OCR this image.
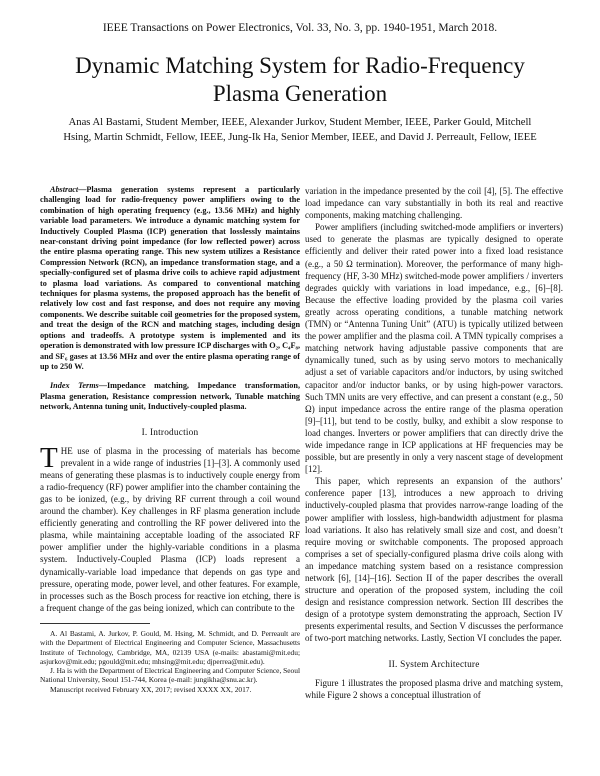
IEEE Transactions on Power Electronics, Vol. 33, No. 3, pp. 1940-1951, March 2018.
Dynamic Matching System for Radio-Frequency
Plasma Generation
Anas Al Bastami, Student Member, IEEE, Alexander Jurkov, Student Member, IEEE, Parker Gould, Mitchell
Hsing, Martin Schmidt, Fellow, IEEE, Jung-Ik Ha, Senior Member, IEEE, and David J. Perreault, Fellow, IEEE

Abstract—Plasma generation systems represent a particularly challenging load for radio-frequency power amplifiers owing to the combination of high operating frequency (e.g., 13.56 MHz) and highly variable load parameters. We introduce a dynamic matching system for Inductively Coupled Plasma (ICP) generation that losslessly maintains near-constant driving point impedance (for low reflected power) across the entire plasma operating range. This new system utilizes a Resistance Compression Network (RCN), an impedance transformation stage, and a specially-configured set of plasma drive coils to achieve rapid adjustment to plasma load variations. As compared to conventional matching techniques for plasma systems, the proposed approach has the benefit of relatively low cost and fast response, and does not require any moving components. We describe suitable coil geometries for the proposed system, and treat the design of the RCN and matching stages, including design options and tradeoffs. A prototype system is implemented and its operation is demonstrated with low pressure ICP discharges with O₂, C₄F₈, and SF₆ gases at 13.56 MHz and over the entire plasma operating range of up to 250 W.

Index Terms—Impedance matching, Impedance transformation, Plasma generation, Resistance compression network, Tunable matching network, Antenna tuning unit, Inductively-coupled plasma.

I. Introduction

THE use of plasma in the processing of materials has become prevalent in a wide range of industries [1]–[3]. A commonly used means of generating these plasmas is to inductively couple energy from a radio-frequency (RF) power amplifier into the chamber containing the gas to be ionized, (e.g., by driving RF current through a coil wound around the chamber). Key challenges in RF plasma generation include efficiently generating and controlling the RF power delivered into the plasma, while maintaining acceptable loading of the associated RF power amplifier under the highly-variable conditions in a plasma system. Inductively-Coupled Plasma (ICP) loads represent a dynamically-variable load impedance that depends on gas type and pressure, operating mode, power level, and other features. For example, in processes such as the Bosch process for reactive ion etching, there is a frequent change of the gas being ionized, which can contribute to the

A. Al Bastami, A. Jurkov, P. Gould, M. Hsing, M. Schmidt, and D. Perreault are with the Department of Electrical Engineering and Computer Science, Massachusetts Institute of Technology, Cambridge, MA, 02139 USA (e-mails: abastami@mit.edu; asjurkov@mit.edu; pgould@mit.edu; mhsing@mit.edu; djperrea@mit.edu).

J. Ha is with the Department of Electrical Engineering and Computer Science, Seoul National University, Seoul 151-744, Korea (e-mail: jungikha@snu.ac.kr).

Manuscript received February XX, 2017; revised XXXX XX, 2017.

variation in the impedance presented by the coil [4], [5]. The effective load impedance can vary substantially in both its real and reactive components, making matching challenging.

Power amplifiers (including switched-mode amplifiers or inverters) used to generate the plasmas are typically designed to operate efficiently and deliver their rated power into a fixed load resistance (e.g., a 50 Ω termination). Moreover, the performance of many high-frequency (HF, 3-30 MHz) switched-mode power amplifiers / inverters degrades quickly with variations in load impedance, e.g., [6]–[8]. Because the effective loading provided by the plasma coil varies greatly across operating conditions, a tunable matching network (TMN) or “Antenna Tuning Unit” (ATU) is typically utilized between the power amplifier and the plasma coil. A TMN typically comprises a matching network having adjustable passive components that are dynamically tuned, such as by using servo motors to mechanically adjust a set of variable capacitors and/or inductors, by using switched capacitor and/or inductor banks, or by using high-power varactors. Such TMN units are very effective, and can present a constant (e.g., 50 Ω) input impedance across the entire range of the plasma operation [9]–[11], but tend to be costly, bulky, and exhibit a slow response to load changes. Inverters or power amplifiers that can directly drive the wide impedance range in ICP applications at HF frequencies may be possible, but are presently in only a very nascent stage of development [12].

This paper, which represents an expansion of the authors’ conference paper [13], introduces a new approach to driving inductively-coupled plasma that provides narrow-range loading of the power amplifier with lossless, high-bandwidth adjustment for plasma load variations. It also has relatively small size and cost, and doesn’t require moving or switchable components. The proposed approach comprises a set of specially-configured plasma drive coils along with an impedance matching system based on a resistance compression network [6], [14]–[16]. Section II of the paper describes the overall structure and operation of the proposed system, including the coil design and resistance compression network. Section III describes the design of a prototype system demonstrating the approach, Section IV presents experimental results, and Section V discusses the performance of two-port matching networks. Lastly, Section VI concludes the paper.

II. System Architecture

Figure 1 illustrates the proposed plasma drive and matching system, while Figure 2 shows a conceptual illustration of
